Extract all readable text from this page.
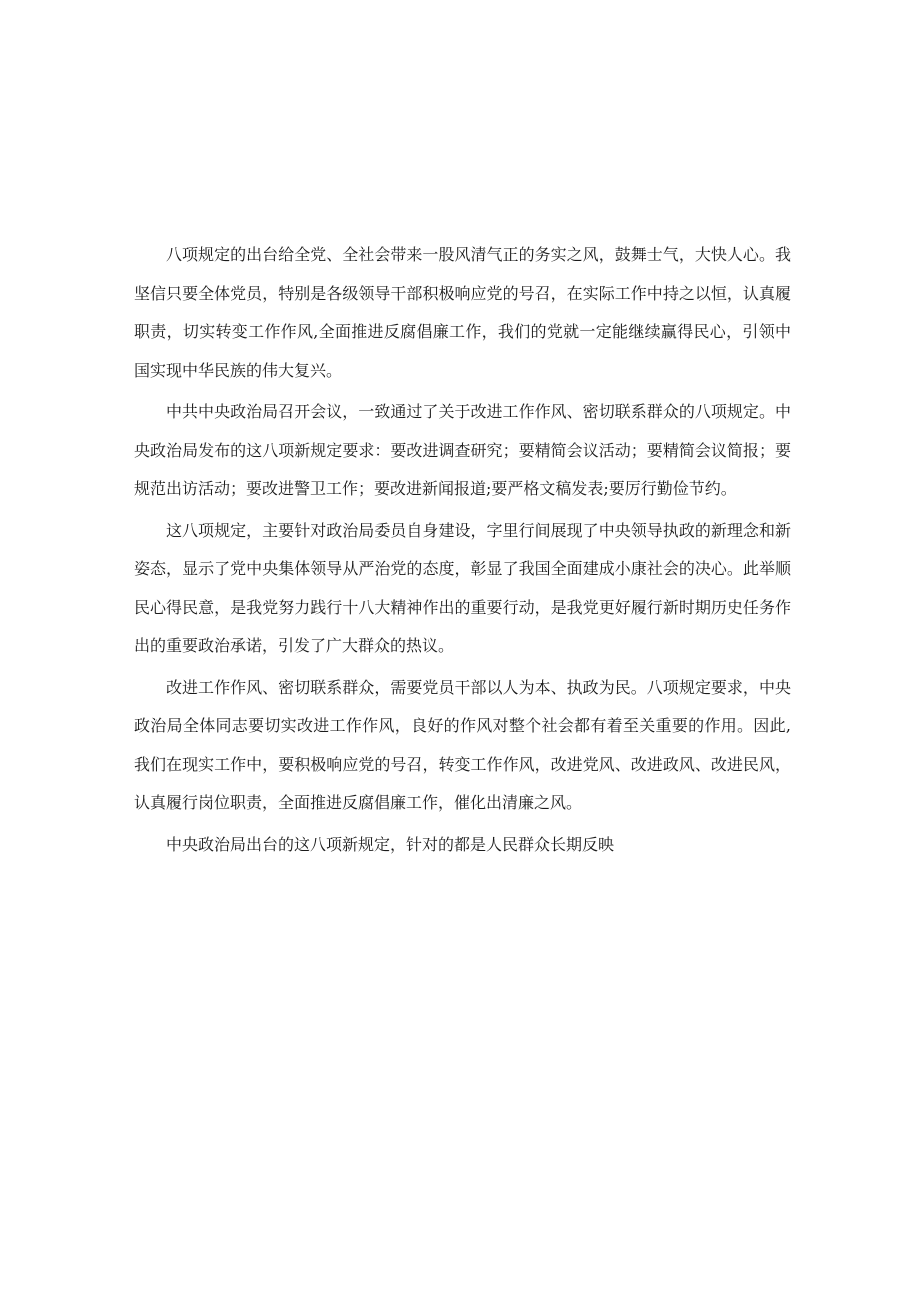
八项规定的出台给全党、全社会带来一股风清气正的务实之风，鼓舞士气，大快人心。我坚信只要全体党员，特别是各级领导干部积极响应党的号召，在实际工作中持之以恒，认真履职责，切实转变工作作风,全面推进反腐倡廉工作，我们的党就一定能继续赢得民心，引领中国实现中华民族的伟大复兴。

中共中央政治局召开会议，一致通过了关于改进工作作风、密切联系群众的八项规定。中央政治局发布的这八项新规定要求：要改进调查研究；要精简会议活动；要精简会议简报；要规范出访活动；要改进警卫工作；要改进新闻报道;要严格文稿发表;要厉行勤俭节约。

这八项规定，主要针对政治局委员自身建设，字里行间展现了中央领导执政的新理念和新姿态，显示了党中央集体领导从严治党的态度，彰显了我国全面建成小康社会的决心。此举顺民心得民意，是我党努力践行十八大精神作出的重要行动，是我党更好履行新时期历史任务作出的重要政治承诺，引发了广大群众的热议。

改进工作作风、密切联系群众，需要党员干部以人为本、执政为民。八项规定要求，中央政治局全体同志要切实改进工作作风，良好的作风对整个社会都有着至关重要的作用。因此,我们在现实工作中，要积极响应党的号召，转变工作作风，改进党风、改进政风、改进民风，认真履行岗位职责，全面推进反腐倡廉工作，催化出清廉之风。

中央政治局出台的这八项新规定，针对的都是人民群众长期反映
